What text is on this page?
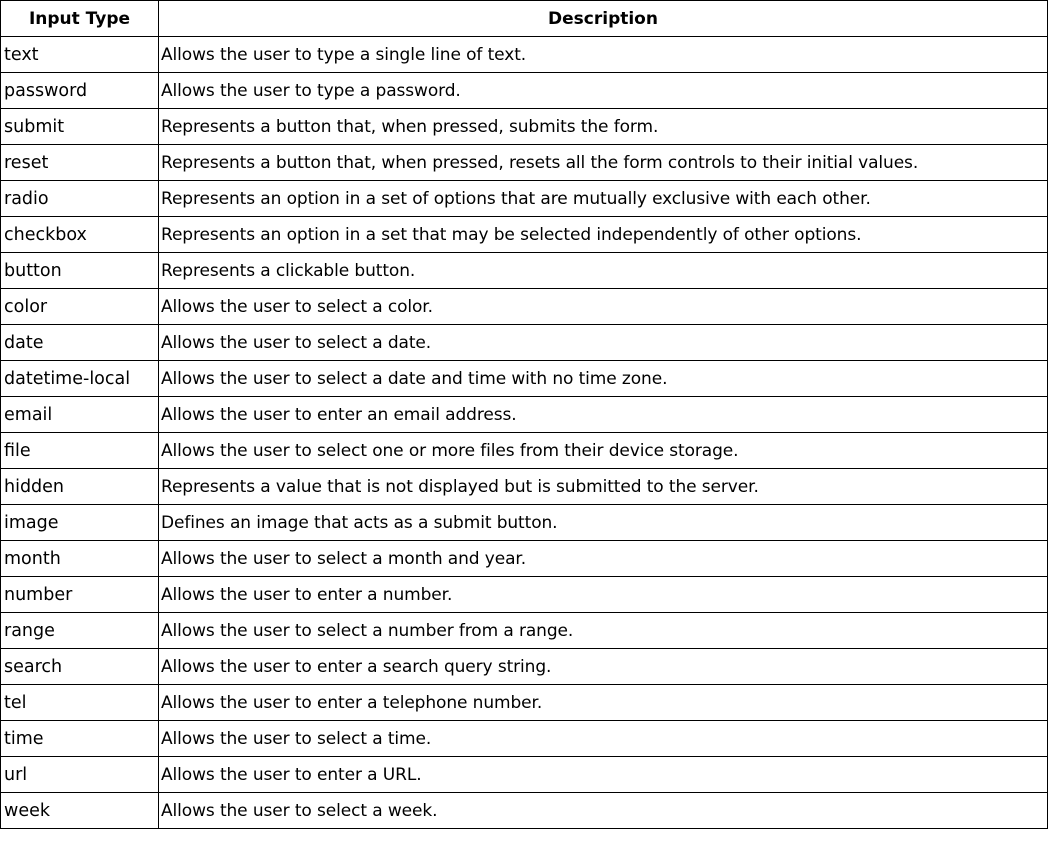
Input Type	Description
text	Allows the user to type a single line of text.
password	Allows the user to type a password.
submit	Represents a button that, when pressed, submits the form.
reset	Represents a button that, when pressed, resets all the form controls to their initial values.
radio	Represents an option in a set of options that are mutually exclusive with each other.
checkbox	Represents an option in a set that may be selected independently of other options.
button	Represents a clickable button.
color	Allows the user to select a color.
date	Allows the user to select a date.
datetime-local	Allows the user to select a date and time with no time zone.
email	Allows the user to enter an email address.
file	Allows the user to select one or more files from their device storage.
hidden	Represents a value that is not displayed but is submitted to the server.
image	Defines an image that acts as a submit button.
month	Allows the user to select a month and year.
number	Allows the user to enter a number.
range	Allows the user to select a number from a range.
search	Allows the user to enter a search query string.
tel	Allows the user to enter a telephone number.
time	Allows the user to select a time.
url	Allows the user to enter a URL.
week	Allows the user to select a week.
